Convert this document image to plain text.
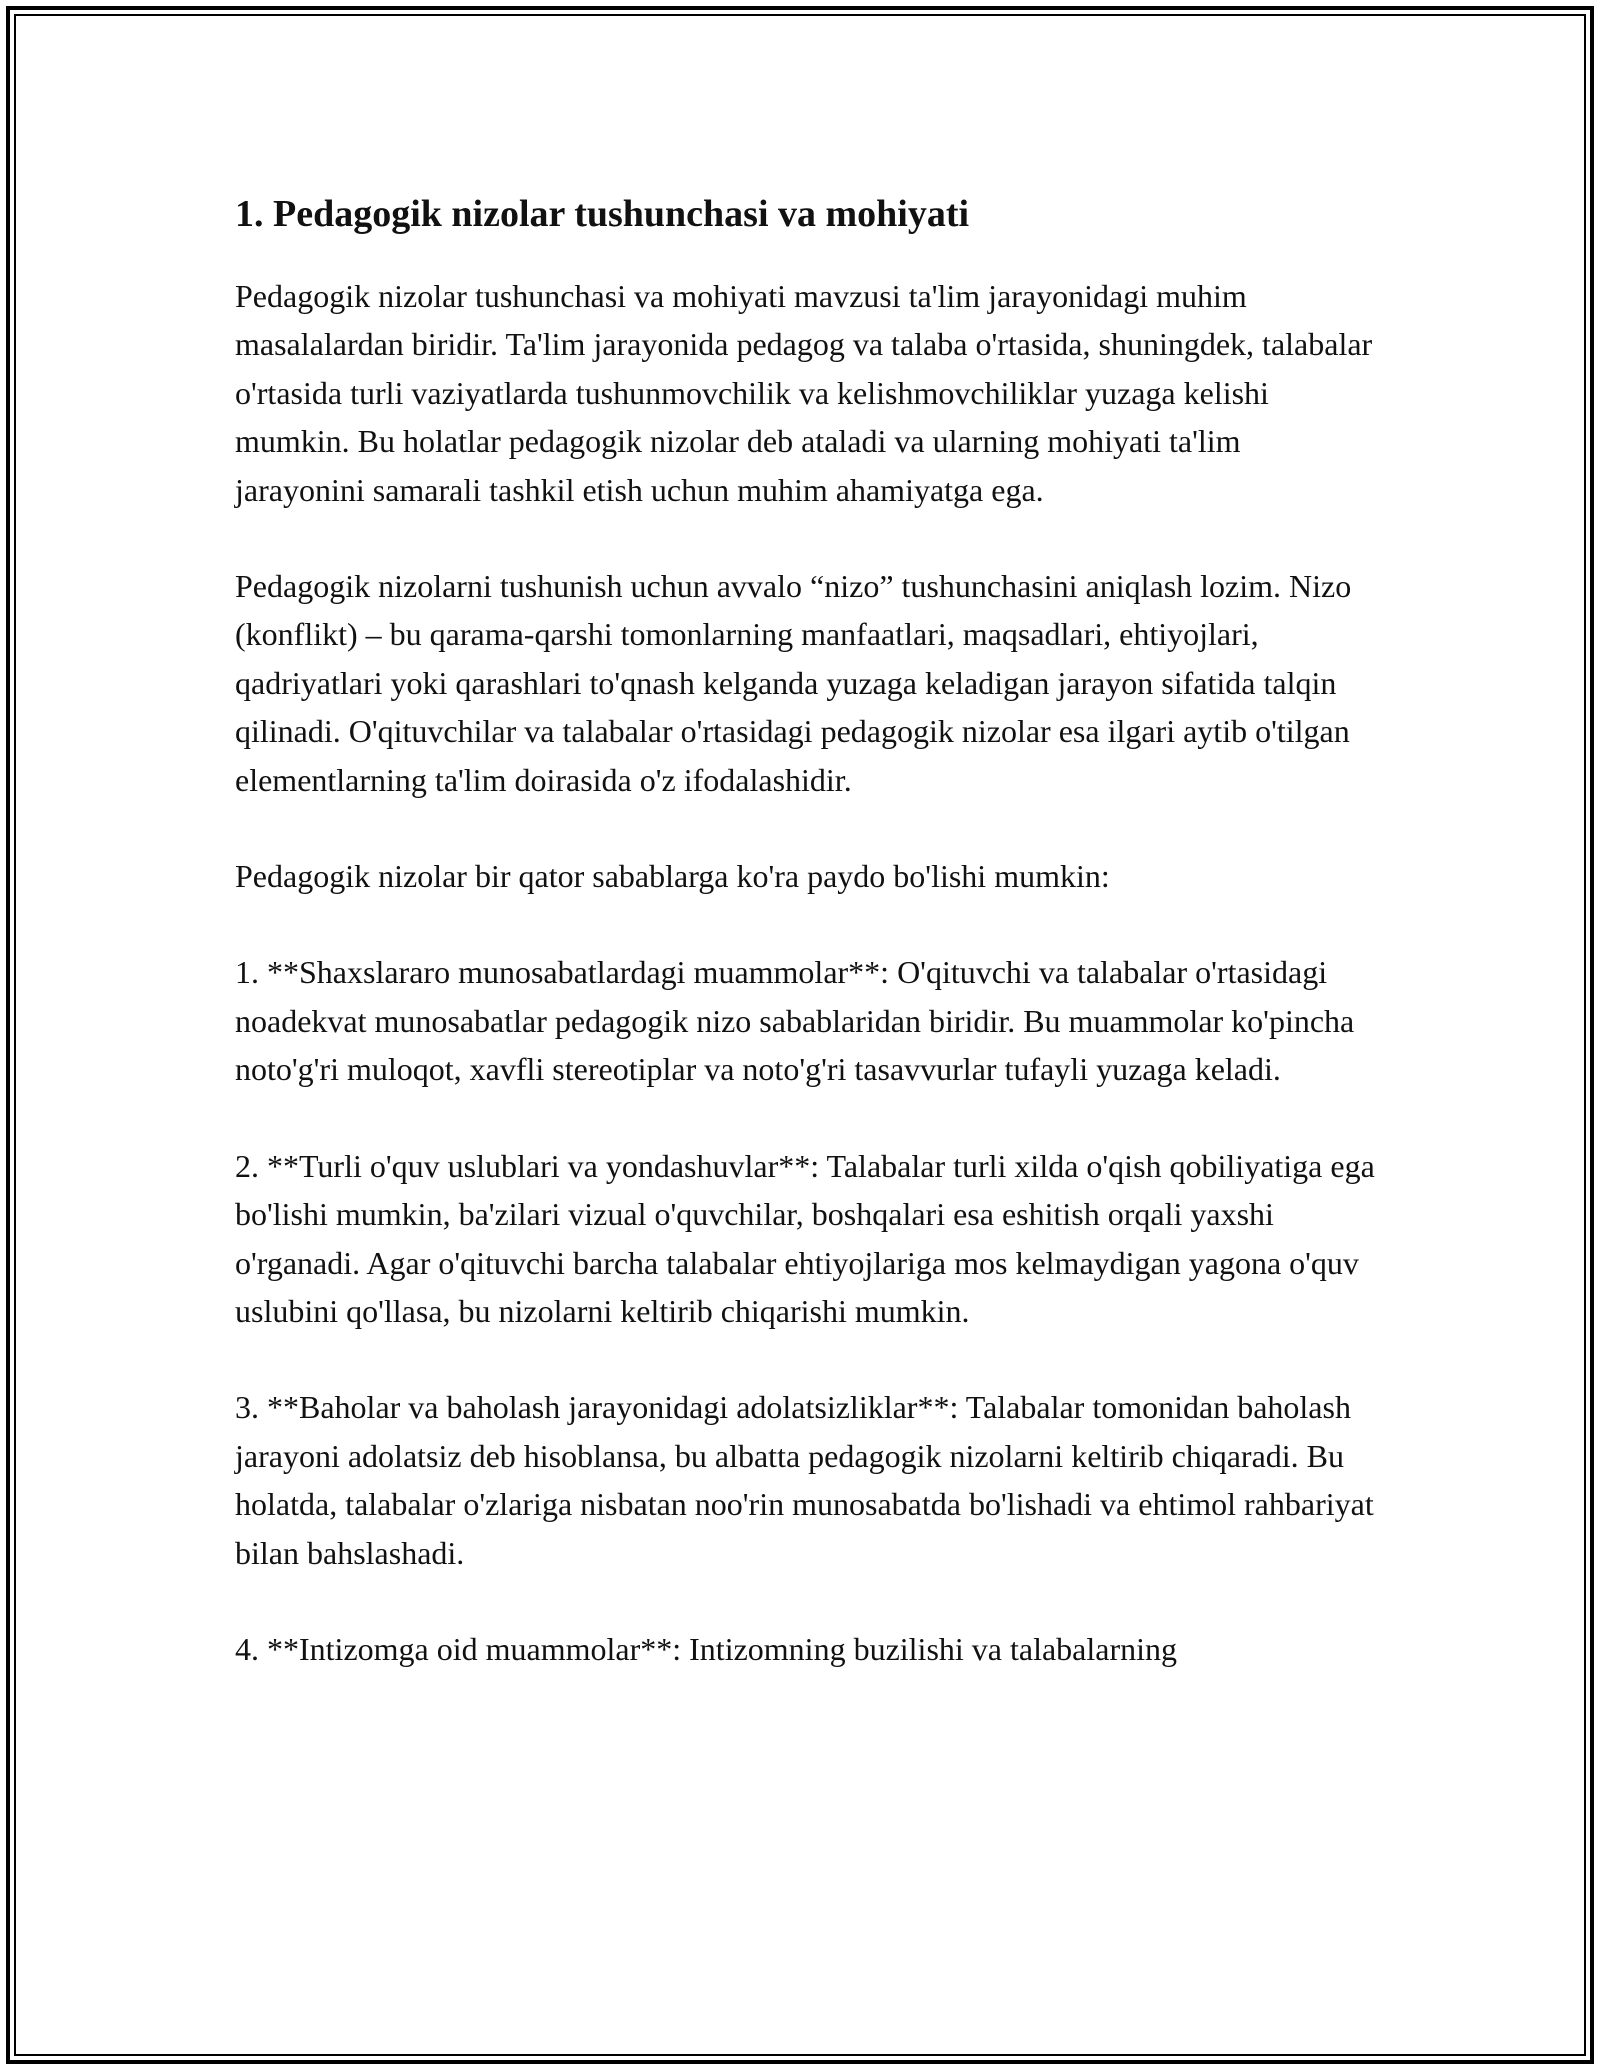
1. Pedagogik nizolar tushunchasi va mohiyati

Pedagogik nizolar tushunchasi va mohiyati mavzusi ta'lim jarayonidagi muhim masalalardan biridir. Ta'lim jarayonida pedagog va talaba o'rtasida, shuningdek, talabalar o'rtasida turli vaziyatlarda tushunmovchilik va kelishmovchiliklar yuzaga kelishi mumkin. Bu holatlar pedagogik nizolar deb ataladi va ularning mohiyati ta'lim jarayonini samarali tashkil etish uchun muhim ahamiyatga ega.

Pedagogik nizolarni tushunish uchun avvalo “nizo” tushunchasini aniqlash lozim. Nizo (konflikt) – bu qarama-qarshi tomonlarning manfaatlari, maqsadlari, ehtiyojlari, qadriyatlari yoki qarashlari to'qnash kelganda yuzaga keladigan jarayon sifatida talqin qilinadi. O'qituvchilar va talabalar o'rtasidagi pedagogik nizolar esa ilgari aytib o'tilgan elementlarning ta'lim doirasida o'z ifodalashidir.

Pedagogik nizolar bir qator sabablarga ko'ra paydo bo'lishi mumkin:

1. **Shaxslararo munosabatlardagi muammolar**: O'qituvchi va talabalar o'rtasidagi noadekvat munosabatlar pedagogik nizo sabablaridan biridir. Bu muammolar ko'pincha noto'g'ri muloqot, xavfli stereotiplar va noto'g'ri tasavvurlar tufayli yuzaga keladi.

2. **Turli o'quv uslublari va yondashuvlar**: Talabalar turli xilda o'qish qobiliyatiga ega bo'lishi mumkin, ba'zilari vizual o'quvchilar, boshqalari esa eshitish orqali yaxshi o'rganadi. Agar o'qituvchi barcha talabalar ehtiyojlariga mos kelmaydigan yagona o'quv uslubini qo'llasa, bu nizolarni keltirib chiqarishi mumkin.

3. **Baholar va baholash jarayonidagi adolatsizliklar**: Talabalar tomonidan baholash jarayoni adolatsiz deb hisoblansa, bu albatta pedagogik nizolarni keltirib chiqaradi. Bu holatda, talabalar o'zlariga nisbatan noo'rin munosabatda bo'lishadi va ehtimol rahbariyat bilan bahslashadi.

4. **Intizomga oid muammolar**: Intizomning buzilishi va talabalarning
